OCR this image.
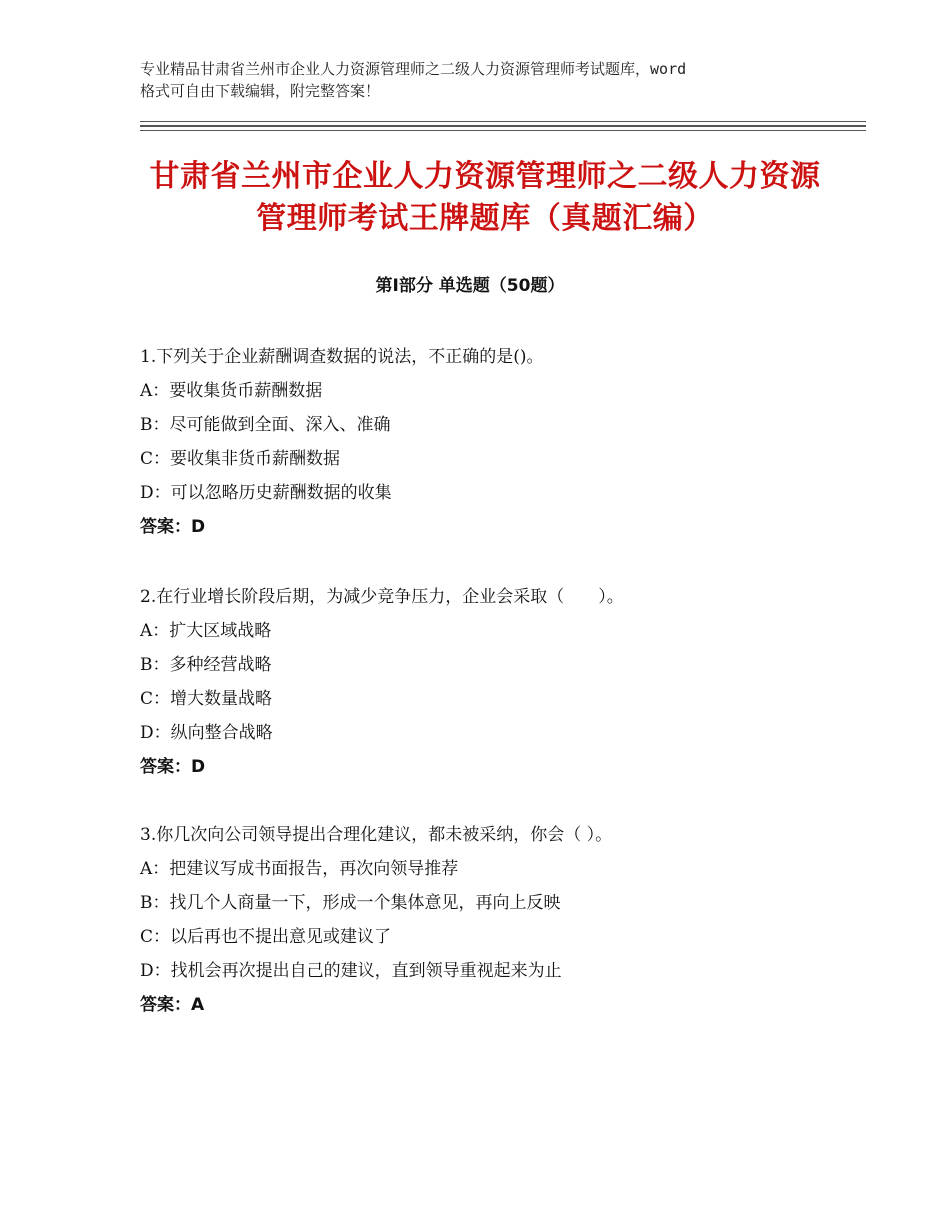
专业精品甘肃省兰州市企业人力资源管理师之二级人力资源管理师考试题库，word
格式可自由下载编辑，附完整答案！
甘肃省兰州市企业人力资源管理师之二级人力资源管理师考试王牌题库（真题汇编）
第Ⅰ部分 单选题（50题）
1.下列关于企业薪酬调查数据的说法，不正确的是()。
A：要收集货币薪酬数据
B：尽可能做到全面、深入、准确
C：要收集非货币薪酬数据
D：可以忽略历史薪酬数据的收集
答案：D
2.在行业增长阶段后期，为减少竞争压力，企业会采取（　　）。
A：扩大区域战略
B：多种经营战略
C：增大数量战略
D：纵向整合战略
答案：D
3.你几次向公司领导提出合理化建议，都未被采纳，你会（ ）。
A：把建议写成书面报告，再次向领导推荐
B：找几个人商量一下，形成一个集体意见，再向上反映
C：以后再也不提出意见或建议了
D：找机会再次提出自己的建议，直到领导重视起来为止
答案：A
